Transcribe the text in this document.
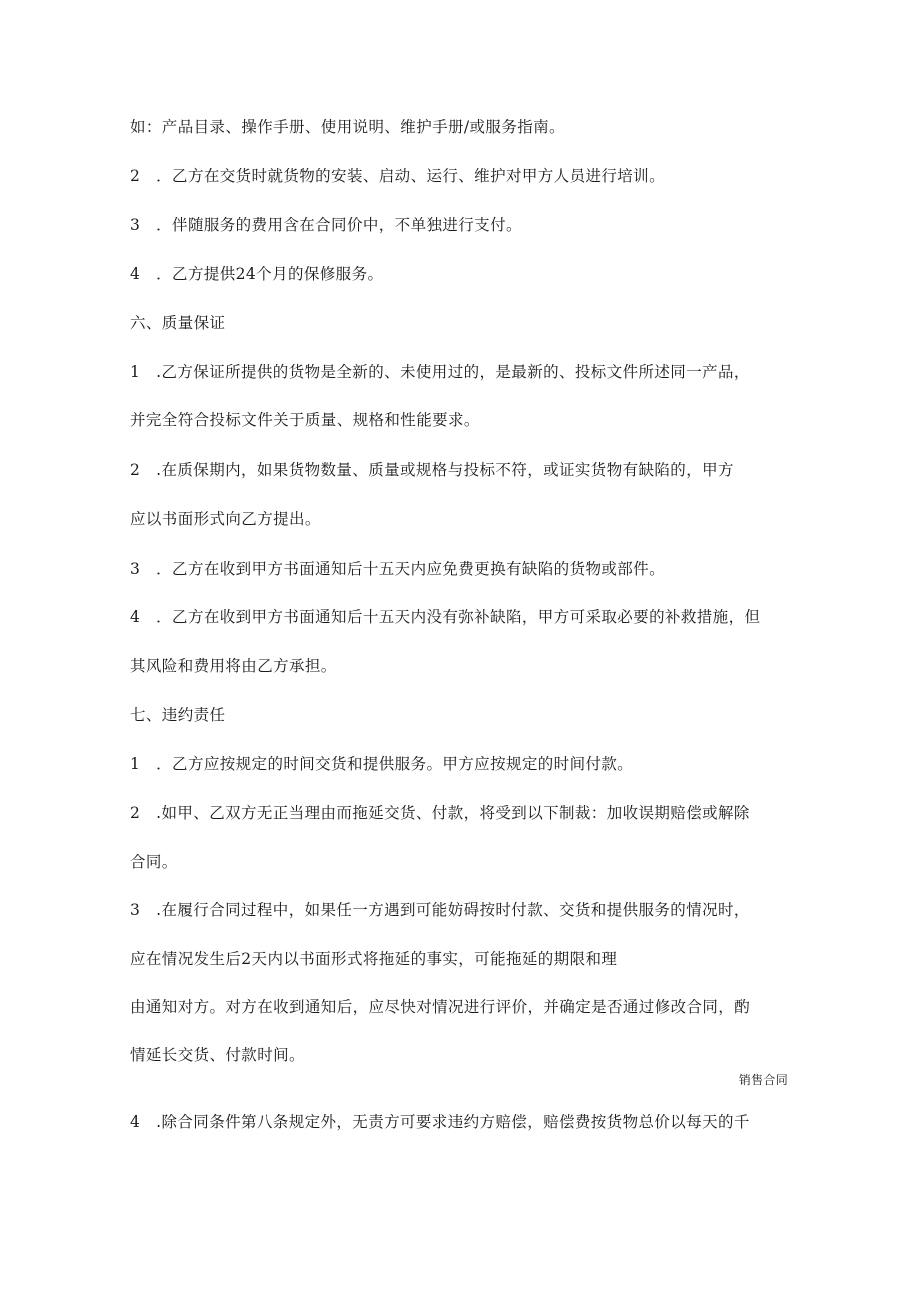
如：产品目录、操作手册、使用说明、维护手册/或服务指南。
2　．乙方在交货时就货物的安装、启动、运行、维护对甲方人员进行培训。
3　．伴随服务的费用含在合同价中，不单独进行支付。
4　．乙方提供24个月的保修服务。
六、质量保证
1　.乙方保证所提供的货物是全新的、未使用过的，是最新的、投标文件所述同一产品，
并完全符合投标文件关于质量、规格和性能要求。
2　.在质保期内，如果货物数量、质量或规格与投标不符，或证实货物有缺陷的，甲方
应以书面形式向乙方提出。
3　．乙方在收到甲方书面通知后十五天内应免费更换有缺陷的货物或部件。
4　．乙方在收到甲方书面通知后十五天内没有弥补缺陷，甲方可采取必要的补救措施，但
其风险和费用将由乙方承担。
七、违约责任
1　．乙方应按规定的时间交货和提供服务。甲方应按规定的时间付款。
2　.如甲、乙双方无正当理由而拖延交货、付款，将受到以下制裁：加收误期赔偿或解除
合同。
3　.在履行合同过程中，如果任一方遇到可能妨碍按时付款、交货和提供服务的情况时，
应在情况发生后2天内以书面形式将拖延的事实，可能拖延的期限和理
由通知对方。对方在收到通知后，应尽快对情况进行评价，并确定是否通过修改合同，酌
情延长交货、付款时间。
销售合同
4　.除合同条件第八条规定外，无责方可要求违约方赔偿，赔偿费按货物总价以每天的千
